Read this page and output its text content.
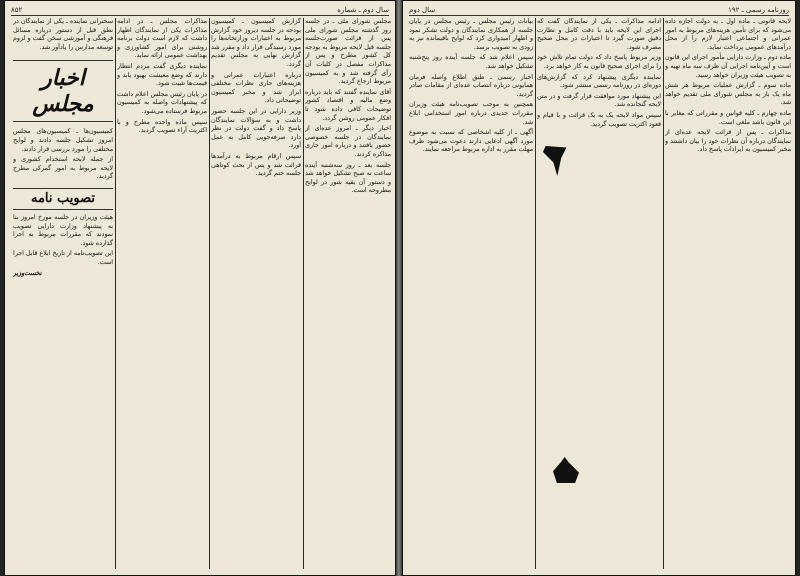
سال دوم ـ شماره
۸۵۲

مجلس شورای ملی ـ در جلسه روز گذشته مجلس شورای ملی پس از قرائت صورت‌جلسه جلسه قبل لایحه مربوط به بودجه کل کشور مطرح و پس از مذاکرات مفصل در کلیات آن رأی گرفته شد و به کمیسیون مربوط ارجاع گردید.

آقای نماینده گفتند که باید درباره وضع مالیه و اقتصاد کشور توضیحات کافی داده شود تا افکار عمومی روشن گردد.

اخبار دیگر ـ امروز عده‌ای از نمایندگان در جلسه خصوصی حضور یافتند و درباره امور جاری مذاکره کردند.

جلسه بعد ـ روز سه‌شنبه آینده ساعت نه صبح تشکیل خواهد شد و دستور آن بقیه شور در لوایح مطروحه است.

گزارش کمیسیون ـ کمیسیون بودجه در جلسه دیروز خود گزارش مربوط به اعتبارات وزارتخانه‌ها را مورد رسیدگی قرار داد و مقرر شد گزارش نهایی به مجلس تقدیم گردد.

درباره اعتبارات عمرانی و هزینه‌های جاری نظرات مختلفی ابراز شد و مخبر کمیسیون توضیحاتی داد.

وزیر دارایی در این جلسه حضور داشت و به سؤالات نمایندگان پاسخ داد و گفت دولت در نظر دارد صرفه‌جویی کامل به عمل آورد.

سپس ارقام مربوط به درآمدها قرائت شد و پس از بحث کوتاهی جلسه ختم گردید.

مذاکرات مجلس ـ در ادامه مذاکرات یکی از نمایندگان اظهار داشت که لازم است دولت برنامه روشنی برای امور کشاورزی و بهداشت عمومی ارائه نماید.

نماینده دیگری گفت مردم انتظار دارند که وضع معیشت بهبود یابد و قیمت‌ها تثبیت شود.

در پایان رئیس مجلس اعلام داشت که پیشنهادات واصله به کمیسیون مربوط فرستاده می‌شود.

سپس ماده واحده مطرح و با اکثریت آراء تصویب گردید.

سخنرانی نماینده ـ یکی از نمایندگان در نطق قبل از دستور درباره مسائل فرهنگی و آموزشی سخن گفت و لزوم توسعه مدارس را یادآور شد.

اخبار مجلس

کمیسیون‌ها ـ کمیسیون‌های مجلس امروز تشکیل جلسه دادند و لوایح مختلفی را مورد بررسی قرار دادند.

از جمله لایحه استخدام کشوری و لایحه مربوط به امور گمرکی مطرح گردید.

تصویب نامه

هیئت وزیران در جلسه مورخ امروز بنا به پیشنهاد وزارت دارایی تصویب نمودند که مقررات مربوط به اجرا گذارده شود.

این تصویب‌نامه از تاریخ ابلاغ قابل اجرا است.

نخست‌وزیر

روزنامه رسمی ـ ۱۹۲
سال دوم

لایحه قانونی ـ ماده اول ـ به دولت اجازه داده می‌شود که برای تأمین هزینه‌های مربوط به امور عمرانی و اجتماعی اعتبار لازم را از محل درآمدهای عمومی پرداخت نماید.

ماده دوم ـ وزارت دارایی مأمور اجرای این قانون است و آیین‌نامه اجرایی آن ظرف سه ماه تهیه و به تصویب هیئت وزیران خواهد رسید.

ماده سوم ـ گزارش عملیات مربوط هر شش ماه یک بار به مجلس شورای ملی تقدیم خواهد شد.

ماده چهارم ـ کلیه قوانین و مقرراتی که مغایر با این قانون باشد ملغی است.

مذاکرات ـ پس از قرائت لایحه عده‌ای از نمایندگان درباره آن نظرات خود را بیان داشتند و مخبر کمیسیون به ایرادات پاسخ داد.

ادامه مذاکرات ـ یکی از نمایندگان گفت که اجرای این لایحه باید با دقت کامل و نظارت دقیق صورت گیرد تا اعتبارات در محل صحیح مصرف شود.

وزیر مربوط پاسخ داد که دولت تمام تلاش خود را برای اجرای صحیح قانون به کار خواهد برد.

نماینده دیگری پیشنهاد کرد که گزارش‌های دوره‌ای در روزنامه رسمی منتشر شود.

این پیشنهاد مورد موافقت قرار گرفت و در متن لایحه گنجانده شد.

سپس مواد لایحه یک به یک قرائت و با قیام و قعود اکثریت تصویب گردید.

بیانات رئیس مجلس ـ رئیس مجلس در پایان جلسه از همکاری نمایندگان و دولت تشکر نمود و اظهار امیدواری کرد که لوایح باقیمانده نیز به زودی به تصویب برسد.

سپس اعلام شد که جلسه آینده روز پنج‌شنبه تشکیل خواهد شد.

اخبار رسمی ـ طبق اطلاع واصله فرمان همایونی درباره انتصاب عده‌ای از مقامات صادر گردید.

همچنین به موجب تصویب‌نامه هیئت وزیران مقررات جدیدی درباره امور استخدامی ابلاغ شد.

آگهی ـ از کلیه اشخاصی که نسبت به موضوع مورد آگهی ادعایی دارند دعوت می‌شود ظرف مهلت مقرر به اداره مربوط مراجعه نمایند.
